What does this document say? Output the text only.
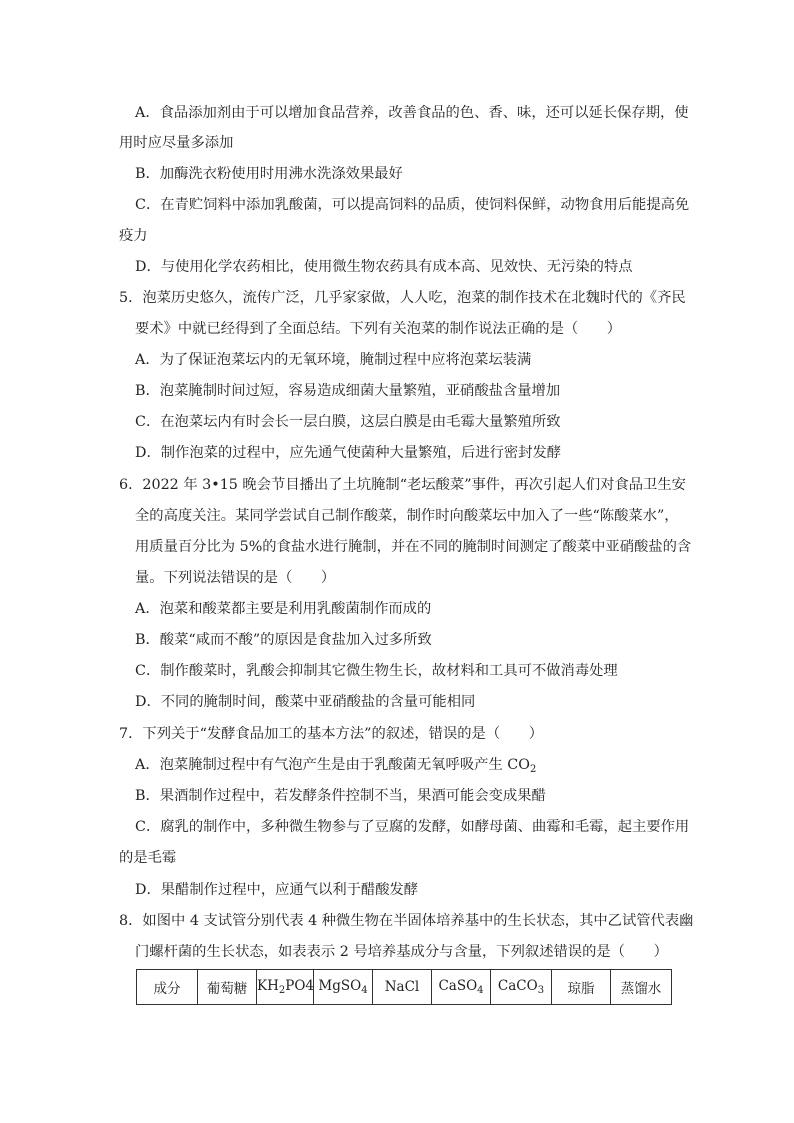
A．食品添加剂由于可以增加食品营养，改善食品的色、香、味，还可以延长保存期，使
用时应尽量多添加
B．加酶洗衣粉使用时用沸水洗涤效果最好
C．在青贮饲料中添加乳酸菌，可以提高饲料的品质，使饲料保鲜，动物食用后能提高免
疫力
D．与使用化学农药相比，使用微生物农药具有成本高、见效快、无污染的特点
5．泡菜历史悠久，流传广泛，几乎家家做，人人吃，泡菜的制作技术在北魏时代的《齐民
要术》中就已经得到了全面总结。下列有关泡菜的制作说法正确的是（　　）
A．为了保证泡菜坛内的无氧环境，腌制过程中应将泡菜坛装满
B．泡菜腌制时间过短，容易造成细菌大量繁殖，亚硝酸盐含量增加
C．在泡菜坛内有时会长一层白膜，这层白膜是由毛霉大量繁殖所致
D．制作泡菜的过程中，应先通气使菌种大量繁殖，后进行密封发酵
6．2022 年 3•15 晚会节目播出了土坑腌制“老坛酸菜”事件，再次引起人们对食品卫生安
全的高度关注。某同学尝试自己制作酸菜，制作时向酸菜坛中加入了一些“陈酸菜水”，
用质量百分比为 5%的食盐水进行腌制，并在不同的腌制时间测定了酸菜中亚硝酸盐的含
量。下列说法错误的是（　　）
A．泡菜和酸菜都主要是利用乳酸菌制作而成的
B．酸菜“咸而不酸”的原因是食盐加入过多所致
C．制作酸菜时，乳酸会抑制其它微生物生长，故材料和工具可不做消毒处理
D．不同的腌制时间，酸菜中亚硝酸盐的含量可能相同
7．下列关于“发酵食品加工的基本方法”的叙述，错误的是（　　）
A．泡菜腌制过程中有气泡产生是由于乳酸菌无氧呼吸产生 $CO_2$
B．果酒制作过程中，若发酵条件控制不当，果酒可能会变成果醋
C．腐乳的制作中，多种微生物参与了豆腐的发酵，如酵母菌、曲霉和毛霉，起主要作用
的是毛霉
D．果醋制作过程中，应通气以利于醋酸发酵
8．如图中 4 支试管分别代表 4 种微生物在半固体培养基中的生长状态，其中乙试管代表幽
门螺杆菌的生长状态，如表表示 2 号培养基成分与含量，下列叙述错误的是（　　）
成分	葡萄糖	$KH_2PO4$	MgSO$_4$	NaCl	CaSO$_4$	CaCO$_3$	琼脂	蒸馏水
